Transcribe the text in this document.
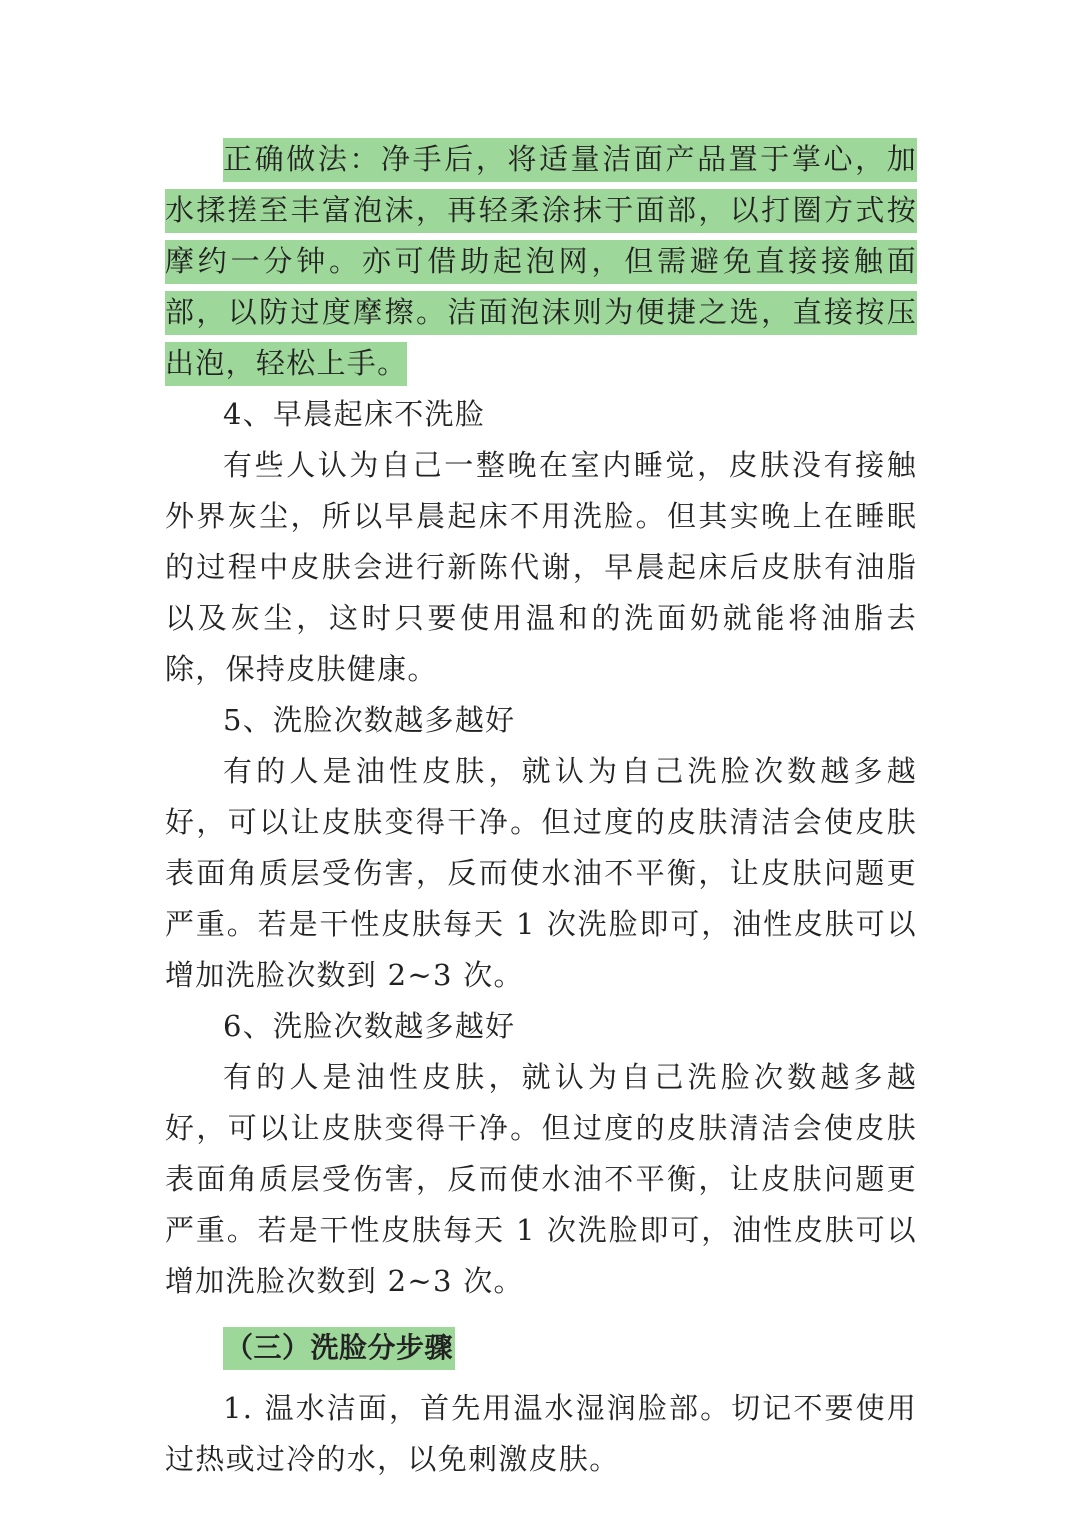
正确做法：净手后，将适量洁面产品置于掌心，加水揉搓至丰富泡沫，再轻柔涂抹于面部，以打圈方式按摩约一分钟。亦可借助起泡网，但需避免直接接触面部，以防过度摩擦。洁面泡沫则为便捷之选，直接按压出泡，轻松上手。

4、早晨起床不洗脸

有些人认为自己一整晚在室内睡觉，皮肤没有接触外界灰尘，所以早晨起床不用洗脸。但其实晚上在睡眠的过程中皮肤会进行新陈代谢，早晨起床后皮肤有油脂以及灰尘，这时只要使用温和的洗面奶就能将油脂去除，保持皮肤健康。

5、洗脸次数越多越好

有的人是油性皮肤，就认为自己洗脸次数越多越好，可以让皮肤变得干净。但过度的皮肤清洁会使皮肤表面角质层受伤害，反而使水油不平衡，让皮肤问题更严重。若是干性皮肤每天 1 次洗脸即可，油性皮肤可以增加洗脸次数到 2~3 次。

6、洗脸次数越多越好

有的人是油性皮肤，就认为自己洗脸次数越多越好，可以让皮肤变得干净。但过度的皮肤清洁会使皮肤表面角质层受伤害，反而使水油不平衡，让皮肤问题更严重。若是干性皮肤每天 1 次洗脸即可，油性皮肤可以增加洗脸次数到 2~3 次。

（三）洗脸分步骤

1. 温水洁面，首先用温水湿润脸部。切记不要使用过热或过冷的水，以免刺激皮肤。
